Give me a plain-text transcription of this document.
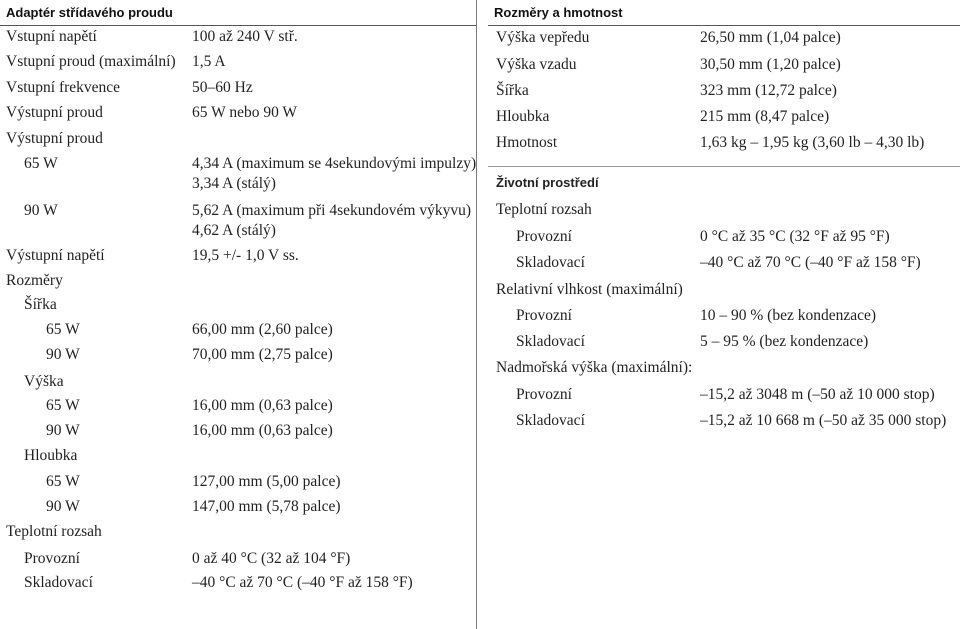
Adaptér střídavého proudu
Vstupní napětí	100 až 240 V stř.
Vstupní proud (maximální) 1,5 A
Vstupní frekvence	50–60 Hz
Výstupní proud	65 W nebo 90 W
Výstupní proud
65 W	4,34 A (maximum se 4sekundovými impulzy)
3,34 A (stálý)
90 W	5,62 A (maximum při 4sekundovém výkyvu)
4,62 A (stálý)
Výstupní napětí	19,5 +/- 1,0 V ss.
Rozměry
Šířka
65 W	66,00 mm (2,60 palce)
90 W	70,00 mm (2,75 palce)
Výška
65 W	16,00 mm (0,63 palce)
90 W	16,00 mm (0,63 palce)
Hloubka
65 W	127,00 mm (5,00 palce)
90 W	147,00 mm (5,78 palce)
Teplotní rozsah
Provozní	0 až 40 °C (32 až 104 °F)
Skladovací	–40 °C až 70 °C (–40 °F až 158 °F)
Rozměry a hmotnost
Výška vepředu	26,50 mm (1,04 palce)
Výška vzadu	30,50 mm (1,20 palce)
Šířka	323 mm (12,72 palce)
Hloubka	215 mm (8,47 palce)
Hmotnost	1,63 kg – 1,95 kg (3,60 lb – 4,30 lb)
Životní prostředí
Teplotní rozsah
Provozní	0 °C až 35 °C (32 °F až 95 °F)
Skladovací	–40 °C až 70 °C (–40 °F až 158 °F)
Relativní vlhkost (maximální)
Provozní	10 – 90 % (bez kondenzace)
Skladovací	5 – 95 % (bez kondenzace)
Nadmořská výška (maximální):
Provozní	–15,2 až 3048 m (–50 až 10 000 stop)
Skladovací	–15,2 až 10 668 m (–50 až 35 000 stop)
